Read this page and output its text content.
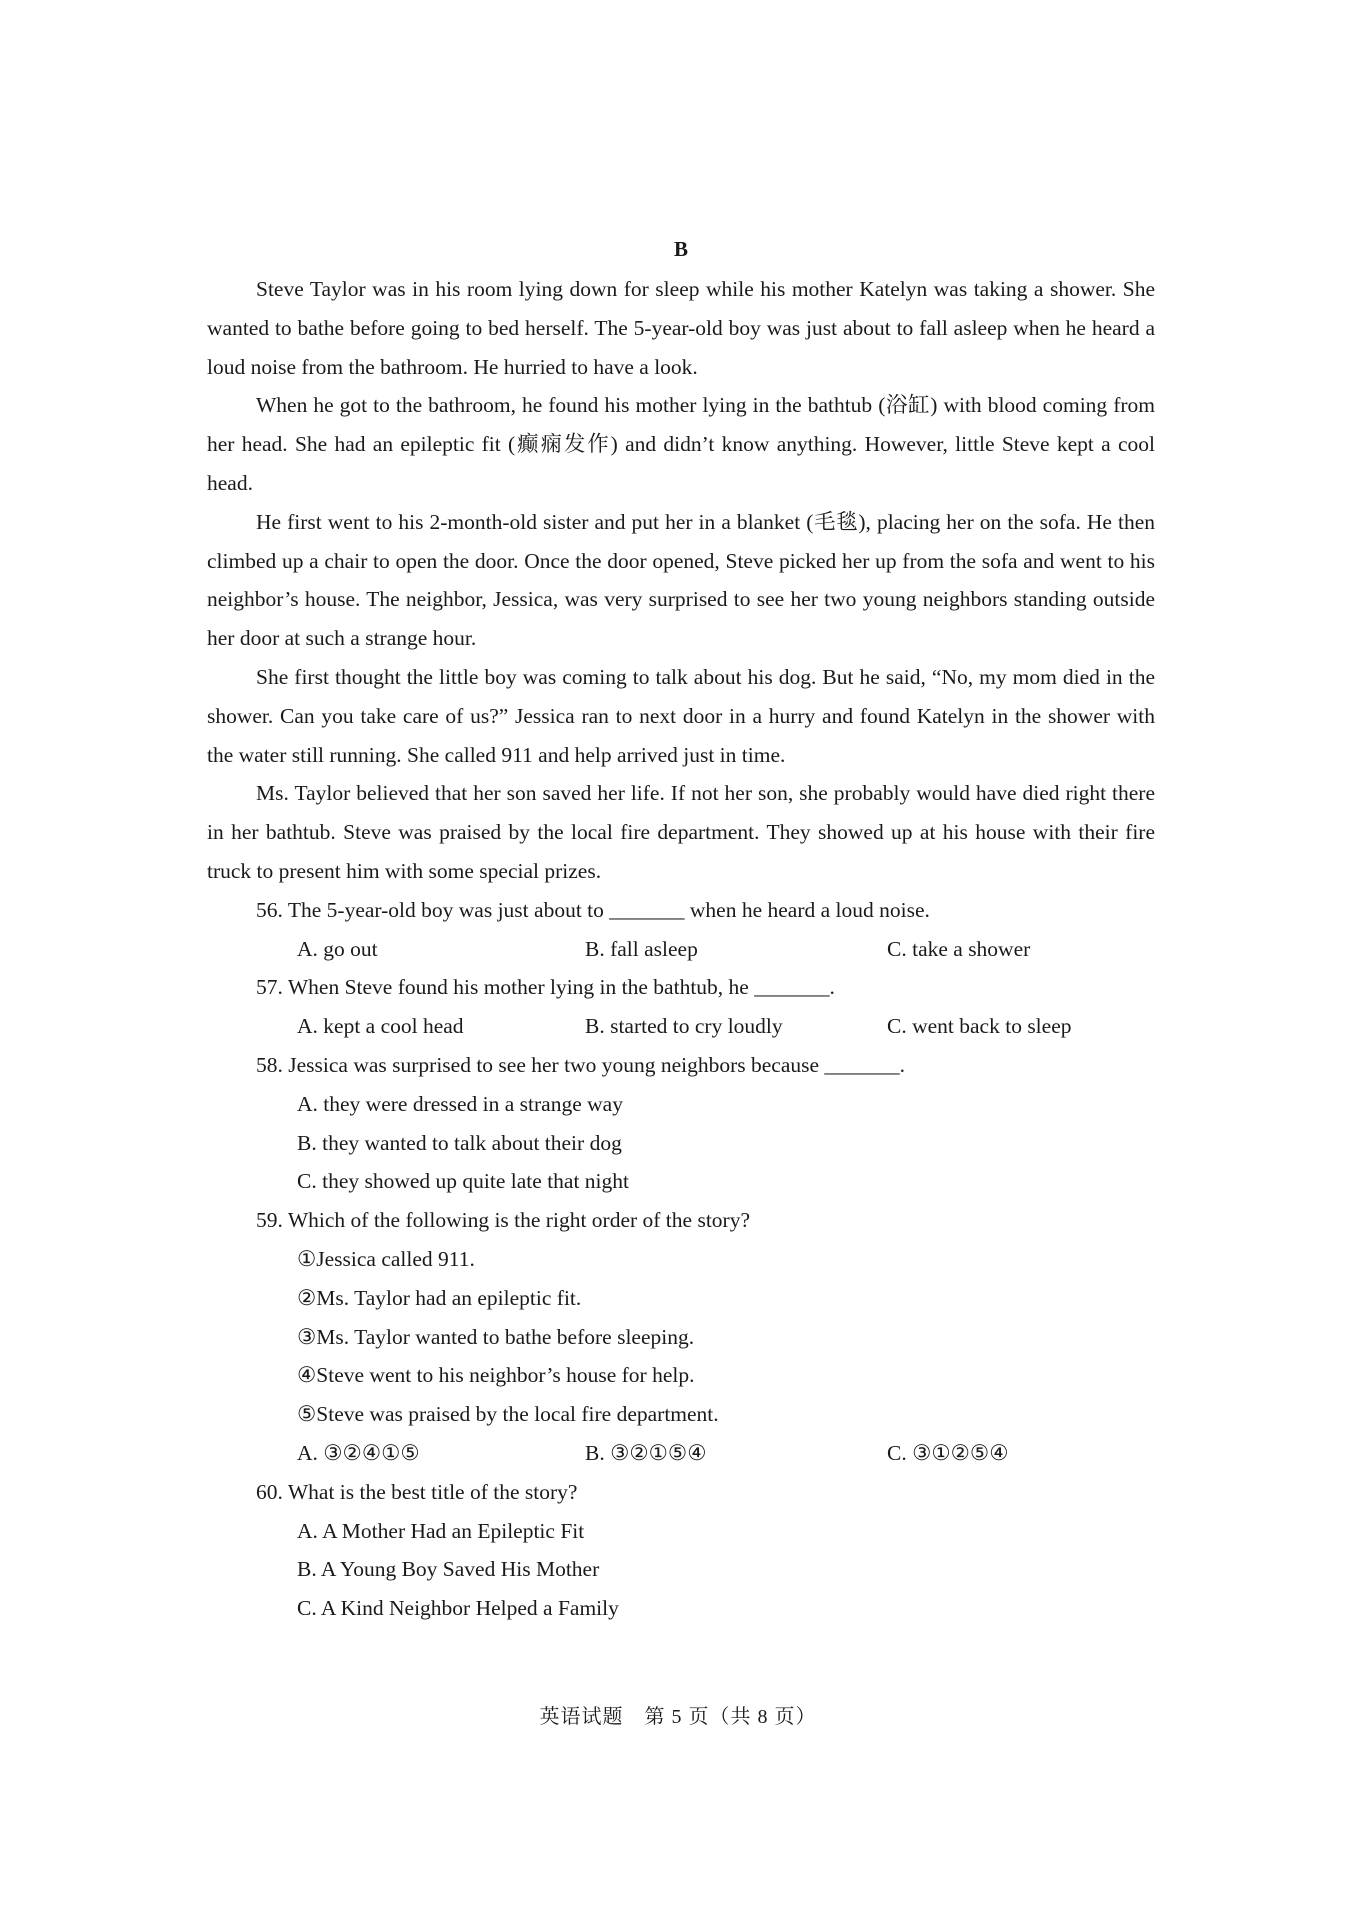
B

Steve Taylor was in his room lying down for sleep while his mother Katelyn was taking a shower. She wanted to bathe before going to bed herself. The 5-year-old boy was just about to fall asleep when he heard a loud noise from the bathroom. He hurried to have a look.

When he got to the bathroom, he found his mother lying in the bathtub (浴缸) with blood coming from her head. She had an epileptic fit (癫痫发作) and didn’t know anything. However, little Steve kept a cool head.

He first went to his 2-month-old sister and put her in a blanket (毛毯), placing her on the sofa. He then climbed up a chair to open the door. Once the door opened, Steve picked her up from the sofa and went to his neighbor’s house. The neighbor, Jessica, was very surprised to see her two young neighbors standing outside her door at such a strange hour.

She first thought the little boy was coming to talk about his dog. But he said, “No, my mom died in the shower. Can you take care of us?” Jessica ran to next door in a hurry and found Katelyn in the shower with the water still running. She called 911 and help arrived just in time.

Ms. Taylor believed that her son saved her life. If not her son, she probably would have died right there in her bathtub. Steve was praised by the local fire department. They showed up at his house with their fire truck to present him with some special prizes.

56. The 5-year-old boy was just about to _______ when he heard a loud noise.

A. go out	B. fall asleep	C. take a shower

57. When Steve found his mother lying in the bathtub, he _______.

A. kept a cool head	B. started to cry loudly	C. went back to sleep

58. Jessica was surprised to see her two young neighbors because _______.

A. they were dressed in a strange way

B. they wanted to talk about their dog

C. they showed up quite late that night

59. Which of the following is the right order of the story?

①Jessica called 911.

②Ms. Taylor had an epileptic fit.

③Ms. Taylor wanted to bathe before sleeping.

④Steve went to his neighbor’s house for help.

⑤Steve was praised by the local fire department.

A. ③②④①⑤	B. ③②①⑤④	C. ③①②⑤④

60. What is the best title of the story?

A. A Mother Had an Epileptic Fit

B. A Young Boy Saved His Mother

C. A Kind Neighbor Helped a Family

英语试题　第 5 页（共 8 页）
